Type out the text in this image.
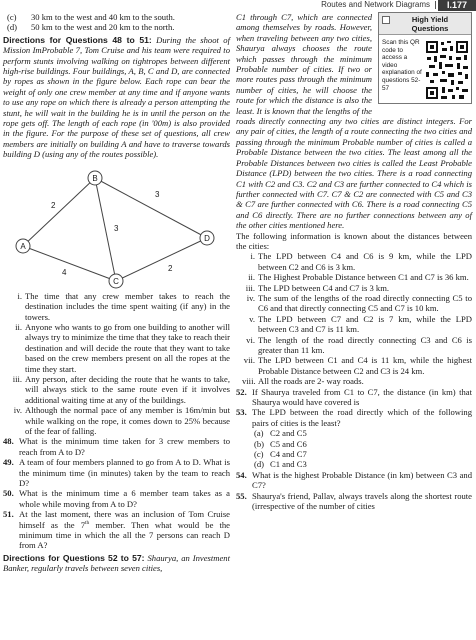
Routes and Network Diagrams	I.177
(c) 30 km to the west and 40 km to the south.
(d) 50 km to the west and 20 km to the north.

Directions for Questions 48 to 51: During the shoot of Mission ImProbable 7, Tom Cruise and his team were required to perform stunts involving walking on tightropes between different high-rise buildings. Four buildings, A, B, C and D, are connected by ropes as shown in the figure below. Each rope can bear the weight of only one crew member at any time and if anyone wants to use any rope on which there is already a person attempting the stunt, he will wait in the building he is in until the person on the rope gets off. The length of each rope (in '00m) is also provided in the figure. For the purpose of these set of questions, all crew members are initially on building A and have to traverse towards building D (using any of the routes possible).

2
3
3
4	2
A
B
C
D
i. The time that any crew member takes to reach the destination includes the time spent waiting (if any) in the towers.
ii. Anyone who wants to go from one building to another will always try to minimize the time that they take to reach their destination and will decide the route that they want to take based on the crew members present on all the ropes at the time they start.
iii. Any person, after deciding the route that he wants to take, will always stick to the same route even if it involves additional waiting time at any of the buildings.
iv. Although the normal pace of any member is 16m/min but while walking on the rope, it comes down to 25% because of the fear of falling.
48. What is the minimum time taken for 3 crew members to reach from A to D?
49. A team of four members planned to go from A to D. What is the minimum time (in minutes) taken by the team to reach D?
50. What is the minimum time a 6 member team takes as a whole while moving from A to D?
51. At the last moment, there was an inclusion of Tom Cruise himself as the 7th member. Then what would be the minimum time in which the all the 7 persons can reach D from A?

Directions for Questions 52 to 57: Shaurya, an Investment Banker, regularly travels between seven cities,

High Yield
Questions
Scan this QR code to access a video explanation of questions 52-57

C1 through C7, which are connected among themselves by roads. However, when traveling between any two cities, Shaurya always chooses the route which passes through the minimum Probable number of cities. If two or more routes pass through the minimum number of cities, he will choose the route for which the distance is also the least. It is known that the lengths of the roads directly connecting any two cities are distinct integers. For any pair of cities, the length of a route connecting the two cities and passing through the minimum Probable number of cities is called a Probable Distance between the two cities. The least among all the Probable Distances between two cities is called the Least Probable Distance (LPD) between the two cities. There is a road connecting C1 with C2 and C3. C2 and C3 are further connected to C4 which is further connected with C7. C7 & C2 are connected with C5 and C3 & C7 are further connected with C6. There is a road connecting C5 and C6 directly. There are no further connections between any of the other cities mentioned here.

The following information is known about the distances between the cities:

i. The LPD between C4 and C6 is 9 km, while the LPD between C2 and C6 is 3 km.
ii. The Highest Probable Distance between C1 and C7 is 36 km.
iii. The LPD between C4 and C7 is 3 km.
iv. The sum of the lengths of the road directly connecting C5 to C6 and that directly connecting C5 and C7 is 10 km.
v. The LPD between C7 and C2 is 7 km, while the LPD between C3 and C7 is 11 km.
vi. The length of the road directly connecting C3 and C6 is greater than 11 km.
vii. The LPD between C1 and C4 is 11 km, while the highest Probable Distance between C2 and C3 is 24 km.
viii. All the roads are 2- way roads.
52. If Shaurya traveled from C1 to C7, the distance (in km) that Shaurya would have covered is
53. The LPD between the road directly which of the following pairs of cities is the least?
(a) C2 and C5
(b) C5 and C6
(c) C4 and C7
(d) C1 and C3
54. What is the highest Probable Distance (in km) between C3 and C7?
55. Shaurya's friend, Pallav, always travels along the shortest route (irrespective of the number of cities
